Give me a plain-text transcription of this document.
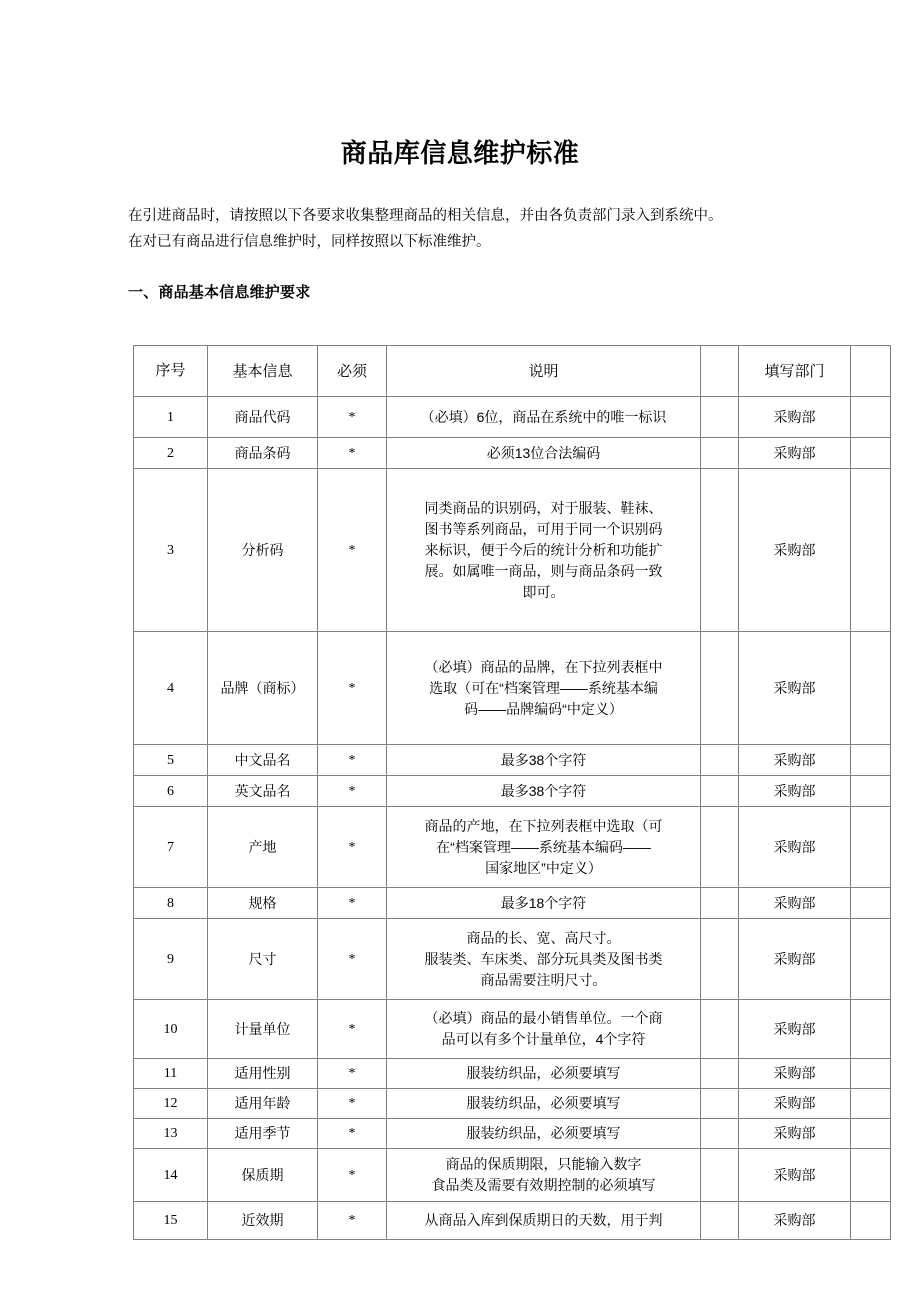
商品库信息维护标准
在引进商品时，请按照以下各要求收集整理商品的相关信息，并由各负责部门录入到系统中。
在对已有商品进行信息维护时，同样按照以下标准维护。
一、商品基本信息维护要求
序号	基本信息	必须	说明		填写部门	
1	商品代码	*	（必填）6位，商品在系统中的唯一标识		采购部	
2	商品条码	*	必须13位合法编码		采购部	
3	分析码	*	同类商品的识别码，对于服装、鞋袜、
图书等系列商品，可用于同一个识别码
来标识，便于今后的统计分析和功能扩
展。如属唯一商品，则与商品条码一致
即可。		采购部	
4	品牌（商标）	*	（必填）商品的品牌，在下拉列表框中
选取（可在“档案管理——系统基本编
码——品牌编码“中定义）		采购部	
5	中文品名	*	最多38个字符		采购部	
6	英文品名	*	最多38个字符		采购部	
7	产地	*	商品的产地，在下拉列表框中选取（可
在“档案管理——系统基本编码——
国家地区”中定义）		采购部	
8	规格	*	最多18个字符		采购部	
9	尺寸	*	商品的长、宽、高尺寸。
服装类、车床类、部分玩具类及图书类
商品需要注明尺寸。		采购部	
10	计量单位	*	（必填）商品的最小销售单位。一个商
品可以有多个计量单位，4个字符		采购部	
11	适用性别	*	服装纺织品，必须要填写		采购部	
12	适用年龄	*	服装纺织品，必须要填写		采购部	
13	适用季节	*	服装纺织品，必须要填写		采购部	
14	保质期	*	商品的保质期限，只能输入数字
食品类及需要有效期控制的必须填写		采购部	
15	近效期	*	从商品入库到保质期日的天数，用于判		采购部	
